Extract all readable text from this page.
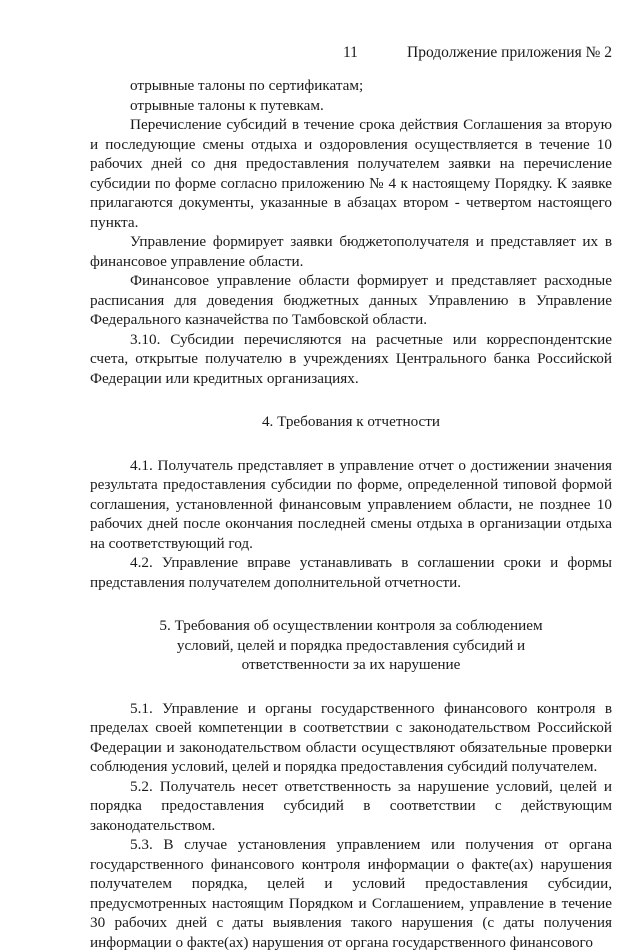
11	Продолжение приложения № 2

отрывные талоны по сертификатам;

отрывные талоны к путевкам.

Перечисление субсидий в течение срока действия Соглашения за вторую и последующие смены отдыха и оздоровления осуществляется в течение 10 рабочих дней со дня предоставления получателем заявки на перечисление субсидии по форме согласно приложению № 4 к настоящему Порядку. К заявке прилагаются документы, указанные в абзацах втором - четвертом настоящего пункта.

Управление формирует заявки бюджетополучателя и представляет их в финансовое управление области.

Финансовое управление области формирует и представляет расходные расписания для доведения бюджетных данных Управлению в Управление Федерального казначейства по Тамбовской области.

3.10. Субсидии перечисляются на расчетные или корреспондентские счета, открытые получателю в учреждениях Центрального банка Российской Федерации или кредитных организациях.

4. Требования к отчетности

4.1. Получатель представляет в управление отчет о достижении значения результата предоставления субсидии по форме, определенной типовой формой соглашения, установленной финансовым управлением области, не позднее 10 рабочих дней после окончания последней смены отдыха в организации отдыха на соответствующий год.

4.2. Управление вправе устанавливать в соглашении сроки и формы представления получателем дополнительной отчетности.

5. Требования об осуществлении контроля за соблюдением

условий, целей и порядка предоставления субсидий и

ответственности за их нарушение

5.1. Управление и органы государственного финансового контроля в пределах своей компетенции в соответствии с законодательством Российской Федерации и законодательством области осуществляют обязательные проверки соблюдения условий, целей и порядка предоставления субсидий получателем.

5.2. Получатель несет ответственность за нарушение условий, целей и порядка предоставления субсидий в соответствии с действующим законодательством.

5.3. В случае установления управлением или получения от органа государственного финансового контроля информации о факте(ах) нарушения получателем порядка, целей и условий предоставления субсидии, предусмотренных настоящим Порядком и Соглашением, управление в течение 30 рабочих дней с даты выявления такого нарушения (с даты получения информации о факте(ах) нарушения от органа государственного финансового
